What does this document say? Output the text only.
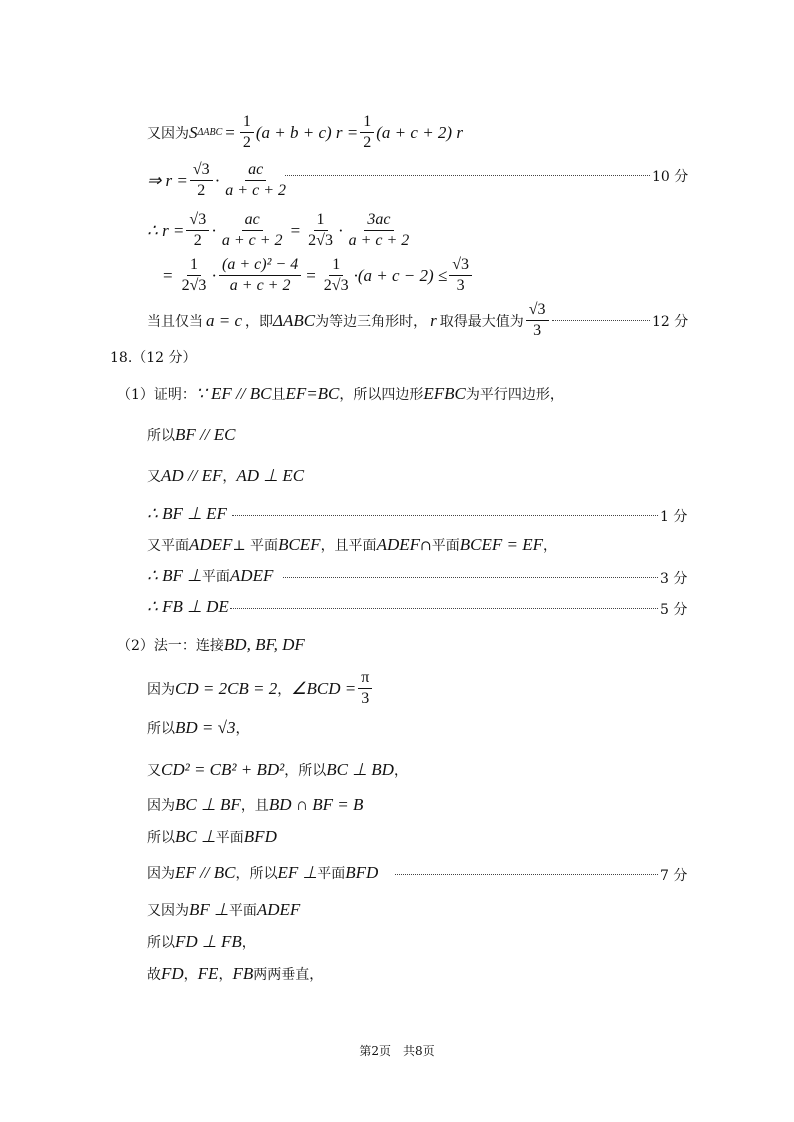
又因为 S $\Delta ABC = \frac{1}{2} (a + b + c) r = \frac{1}{2} (a + c + 2)$ r
⇒ $r = \frac{√3}{2} \cdot \frac{ac}{a + c + 2}$	10 分
∴ $r = \frac{√3}{2} \cdot \frac{ac}{a + c + 2} = \frac{1}{2√3} \cdot \frac{3ac}{a + c + 2}$
= $\frac{1}{2√3} \cdot \frac{\text{(a + c)² − 4}}{a + c + 2} = \frac{1}{2√3} \cdot(a + c - 2) \le \frac{√3}{3}$
当且仅当 a = c ，即 ΔABC 为等边三角形时， r 取得最大值为 $\frac{√3}{3}$	12 分
18.（12 分）
（1）证明： ∵ EF // BC 且 EF=BC ，所以四边形 EFBC 为平行四边形，
所以 BF // EC
又 AD // EF ， AD ⊥ EC
∴ BF ⊥ EF	1 分
又平面 ADEF ⊥ 平面 BCEF ，且平面 ADEF ∩平面 BCEF = EF ，
∴ BF ⊥ 平面 ADEF	3 分
∴ FB ⊥ DE	5 分
（2）法一：连接 BD, BF, DF
因为 CD = 2CB = 2 ， ∠BCD = $\frac{\pi}{3}$
所以 BD = √3 ，
又 CD² = CB² + BD² ，所以 BC ⊥ BD ，
因为 BC ⊥ BF ，且 BD ∩ BF = B
所以 BC ⊥ 平面 BFD
因为 EF // BC ，所以 EF ⊥ 平面 BFD	7 分
又因为 BF ⊥ 平面 ADEF
所以 FD ⊥ FB ，
故 FD ， FE ， FB 两两垂直，
第2页　共8页
